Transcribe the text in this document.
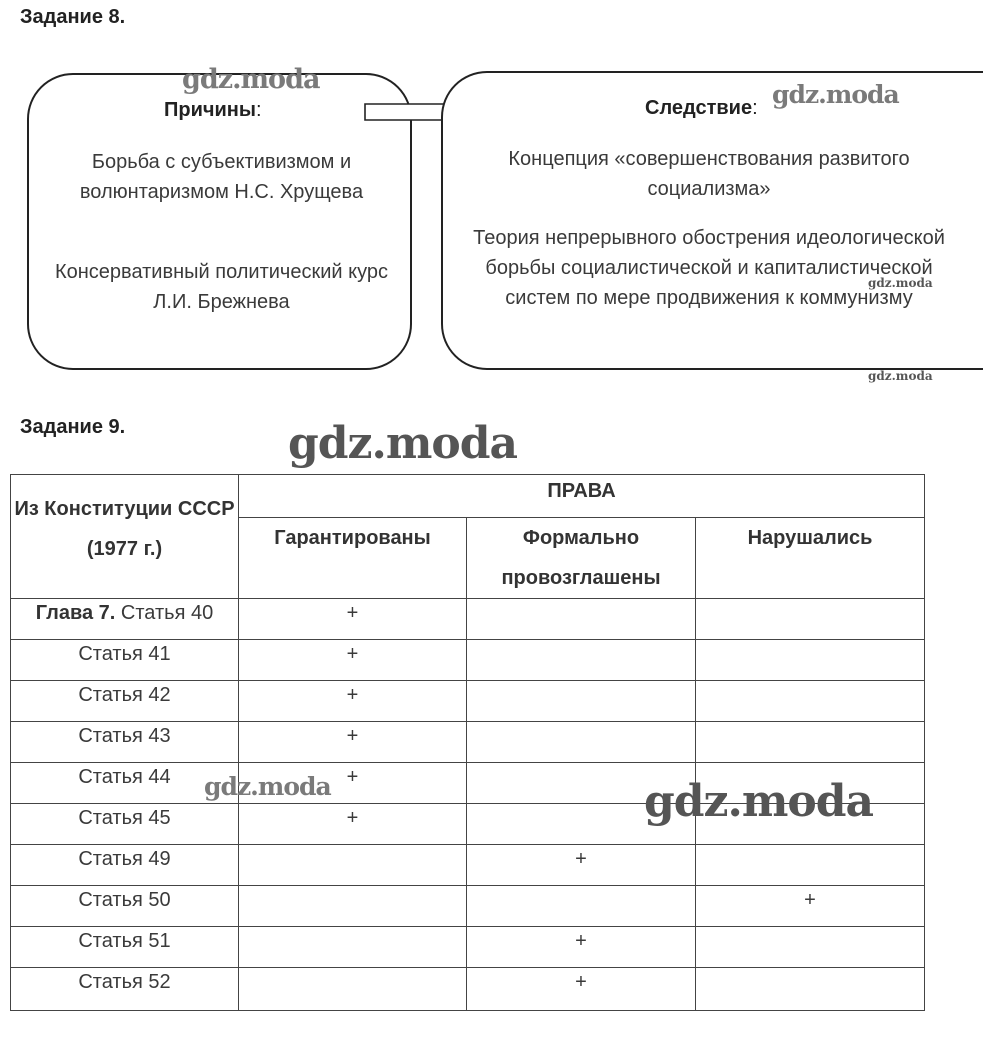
Задание 8.
Причины:
Борьба с субъективизмом и волюнтаризмом Н.С. Хрущева
Консервативный политический курс Л.И. Брежнева
Следствие:
Концепция «совершенствования развитого социализма»
Теория непрерывного обострения идеологической борьбы социалистической и капиталистической систем по мере продвижения к коммунизму
Задание 9.
Из Конституции СССР (1977 г.)	ПРАВА		
	Гарантированы	Формально провозглашены	Нарушались
Глава 7. Статья 40	+		
Статья 41	+		
Статья 42	+		
Статья 43	+		
Статья 44	+		
Статья 45	+		
Статья 49		+	
Статья 50			+
Статья 51		+	
Статья 52		+	
gdz.moda	gdz.moda
gdz.moda
gdz.moda
gdz.moda
gdz.moda	gdz.moda
